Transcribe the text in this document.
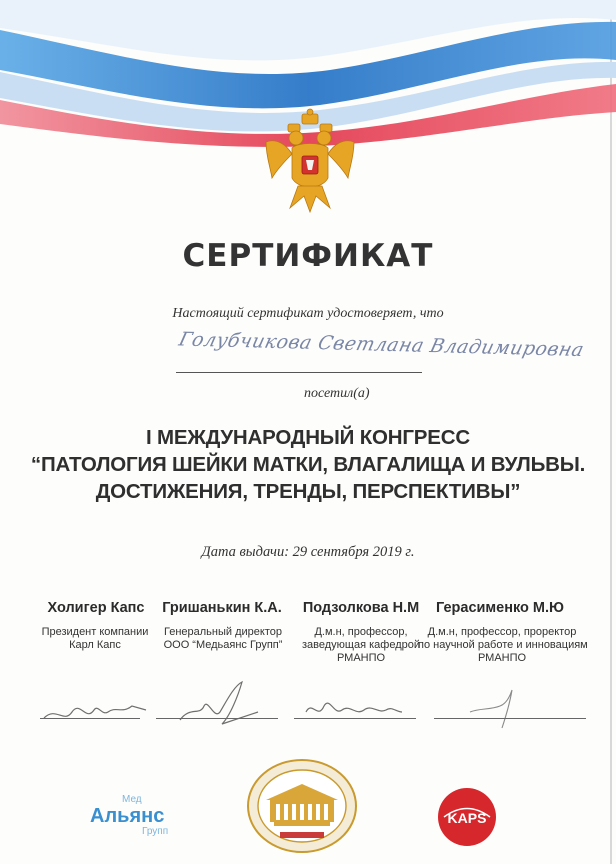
СЕРТИФИКАТ
Настоящий сертификат удостоверяет, что
Голубчикова Светлана Владимировна
посетил(а)
I МЕЖДУНАРОДНЫЙ КОНГРЕСС
“ПАТОЛОГИЯ ШЕЙКИ МАТКИ, ВЛАГАЛИЩА И ВУЛЬВЫ.
ДОСТИЖЕНИЯ, ТРЕНДЫ, ПЕРСПЕКТИВЫ”
Дата выдачи: 29 сентября 2019 г.
Холигер Капс	Гришанькин К.А.	Подзолкова Н.М	Герасименко М.Ю
Президент компании
Карл Капс
Генеральный директор
ООО “Медьаянс Групп”
Д.м.н, профессор,
заведующая кафедрой
РМАНПО
Д.м.н, профессор, проректор
по научной работе и инновациям
РМАНПО
Мед
Альянс
Групп
KAPS
